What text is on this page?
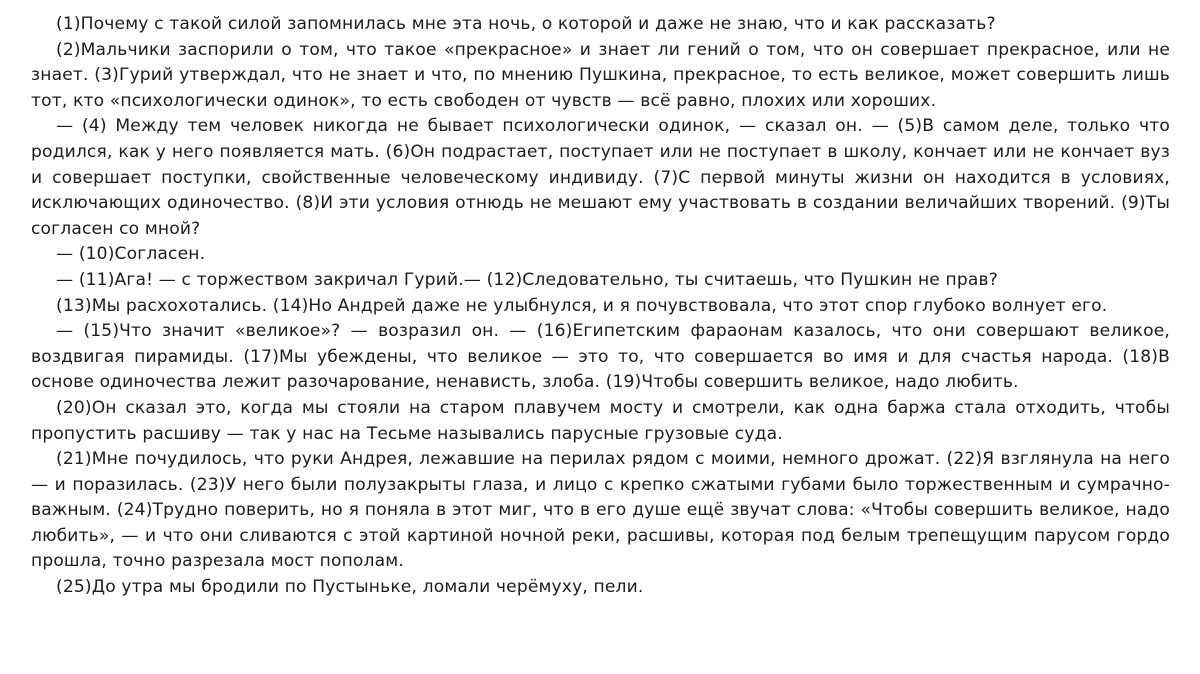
(1)Почему с такой силой запомнилась мне эта ночь, о которой и даже не знаю, что и как рассказать?

(2)Мальчики заспорили о том, что такое «прекрасное» и знает ли гений о том, что он совершает прекрасное, или не знает. (3)Гурий утверждал, что не знает и что, по мнению Пушкина, прекрасное, то есть великое, может совершить лишь тот, кто «психологически одинок», то есть свободен от чувств — всё равно, плохих или хороших.

— (4) Между тем человек никогда не бывает психологически одинок, — сказал он. — (5)В самом деле, только что родился, как у него появляется мать. (6)Он подрастает, поступает или не поступает в школу, кончает или не кончает вуз и совершает поступки, свойственные человеческому индивиду. (7)С первой минуты жизни он находится в условиях, исключающих одиночество. (8)И эти условия отнюдь не мешают ему участвовать в создании величайших творений. (9)Ты согласен со мной?

— (10)Согласен.

— (11)Ага! — с торжеством закричал Гурий.— (12)Следовательно, ты считаешь, что Пушкин не прав?

(13)Мы расхохотались. (14)Но Андрей даже не улыбнулся, и я почувствовала, что этот спор глубоко волнует его.

— (15)Что значит «великое»? — возразил он. — (16)Египетским фараонам казалось, что они совершают великое, воздвигая пирамиды. (17)Мы убеждены, что великое — это то, что совершается во имя и для счастья народа. (18)В основе одиночества лежит разочарование, ненависть, злоба. (19)Чтобы совершить великое, надо любить.

(20)Он сказал это, когда мы стояли на старом плавучем мосту и смотрели, как одна баржа стала отходить, чтобы пропустить расшиву — так у нас на Тесьме назывались парусные грузовые суда.

(21)Мне почудилось, что руки Андрея, лежавшие на перилах рядом с моими, немного дрожат. (22)Я взглянула на него — и поразилась. (23)У него были полузакрыты глаза, и лицо с крепко сжатыми губами было торжественным и сумрачно-важным. (24)Трудно поверить, но я поняла в этот миг, что в его душе ещё звучат слова: «Чтобы совершить великое, надо любить», — и что они сливаются с этой картиной ночной реки, расшивы, которая под белым трепещущим парусом гордо прошла, точно разрезала мост пополам.

(25)До утра мы бродили по Пустыньке, ломали черёмуху, пели.
